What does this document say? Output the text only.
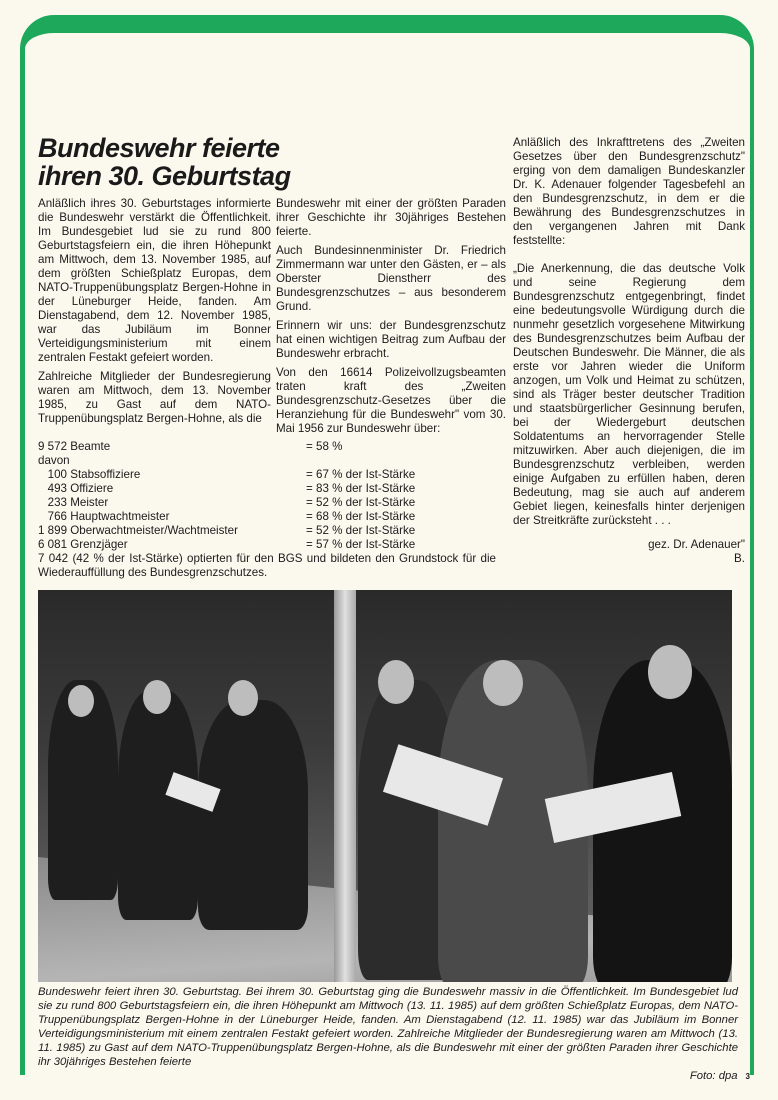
Bundeswehr feierte
ihren 30. Geburtstag

Anläßlich ihres 30. Geburtstages informierte die Bundeswehr verstärkt die Öffentlichkeit. Im Bundesgebiet lud sie zu rund 800 Geburtstagsfeiern ein, die ihren Höhepunkt am Mittwoch, dem 13. November 1985, auf dem größten Schießplatz Europas, dem NATO-Truppenübungsplatz Bergen-Hohne in der Lüneburger Heide, fanden. Am Dienstagabend, dem 12. November 1985, war das Jubiläum im Bonner Verteidigungsministerium mit einem zentralen Festakt gefeiert worden.

Zahlreiche Mitglieder der Bundesregierung waren am Mittwoch, dem 13. November 1985, zu Gast auf dem NATO-Truppenübungsplatz Bergen-Hohne, als die

Bundeswehr mit einer der größten Paraden ihrer Geschichte ihr 30jähriges Bestehen feierte.

Auch Bundesinnenminister Dr. Friedrich Zimmermann war unter den Gästen, er – als Oberster Dienstherr des Bundesgrenzschutzes – aus besonderem Grund.

Erinnern wir uns: der Bundesgrenzschutz hat einen wichtigen Beitrag zum Aufbau der Bundeswehr erbracht.

Von den 16614 Polizeivollzugsbeamten traten kraft des „Zweiten Bundesgrenzschutz-Gesetzes über die Heranziehung für die Bundeswehr" vom 30. Mai 1956 zur Bundeswehr über:

9 572 Beamte	= 58 %
davon
100 Stabsoffiziere	= 67 % der Ist-Stärke
493 Offiziere	= 83 % der Ist-Stärke
233 Meister	= 52 % der Ist-Stärke
766 Hauptwachtmeister	= 68 % der Ist-Stärke
1 899 Oberwachtmeister/Wachtmeister	= 52 % der Ist-Stärke
6 081 Grenzjäger	= 57 % der Ist-Stärke
7 042 (42 % der Ist-Stärke) optierten für den BGS und bildeten den Grundstock für die Wiederauffüllung des Bundesgrenzschutzes.

Anläßlich des Inkrafttretens des „Zweiten Gesetzes über den Bundesgrenzschutz" erging von dem damaligen Bundeskanzler Dr. K. Adenauer folgender Tagesbefehl an den Bundesgrenzschutz, in dem er die Bewährung des Bundesgrenzschutzes in den vergangenen Jahren mit Dank feststellte:

„Die Anerkennung, die das deutsche Volk und seine Regierung dem Bundesgrenzschutz entgegenbringt, findet eine bedeutungsvolle Würdigung durch die nunmehr gesetzlich vorgesehene Mitwirkung des Bundesgrenzschutzes beim Aufbau der Deutschen Bundeswehr. Die Männer, die als erste vor Jahren wieder die Uniform anzogen, um Volk und Heimat zu schützen, sind als Träger bester deutscher Tradition und staatsbürgerlicher Gesinnung berufen, bei der Wiedergeburt deutschen Soldatentums an hervorragender Stelle mitzuwirken. Aber auch diejenigen, die im Bundesgrenzschutz verbleiben, werden einige Aufgaben zu erfüllen haben, deren Bedeutung, mag sie auch auf anderem Gebiet liegen, keinesfalls hinter derjenigen der Streitkräfte zurücksteht . . .

gez. Dr. Adenauer"
B.
Bundeswehr feiert ihren 30. Geburtstag. Bei ihrem 30. Geburtstag ging die Bundeswehr massiv in die Öffentlichkeit. Im Bundesgebiet lud sie zu rund 800 Geburtstagsfeiern ein, die ihren Höhepunkt am Mittwoch (13. 11. 1985) auf dem größten Schießplatz Europas, dem NATO-Truppenübungsplatz Bergen-Hohne in der Lüneburger Heide, fanden. Am Dienstagabend (12. 11. 1985) war das Jubiläum im Bonner Verteidigungsministerium mit einem zentralen Festakt gefeiert worden. Zahlreiche Mitglieder der Bundesregierung waren am Mittwoch (13. 11. 1985) zu Gast auf dem NATO-Truppenübungsplatz Bergen-Hohne, als die Bundeswehr mit einer der größten Paraden ihrer Geschichte ihr 30jähriges Bestehen feierte
Foto: dpa 3
